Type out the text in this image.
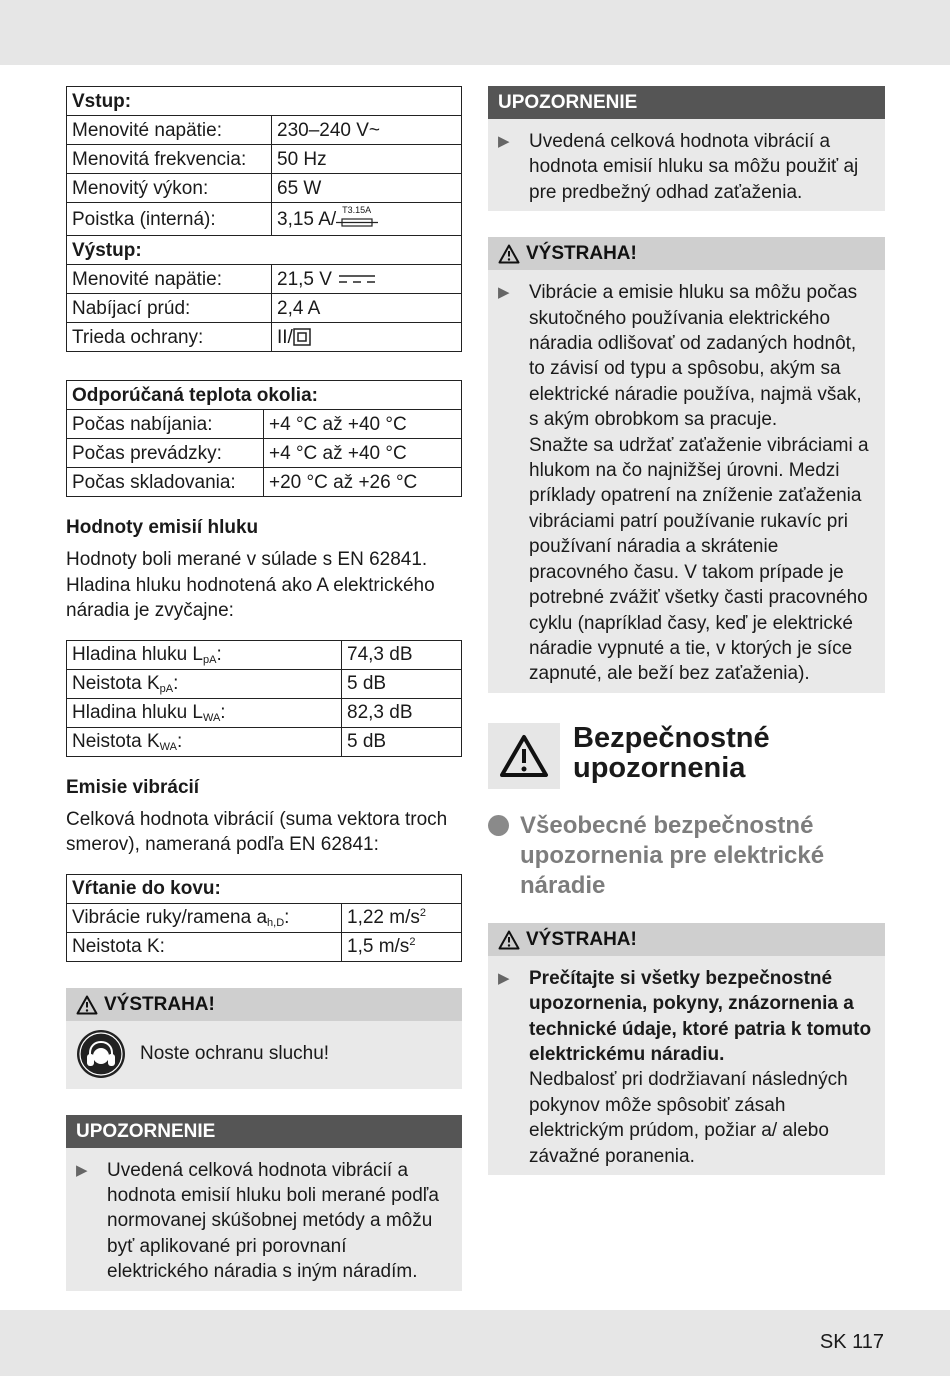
Vstup:	
Menovité napätie:	230–240 V~
Menovitá frekvencia:	50 Hz
Menovitý výkon:	65 W
Poistka (interná):	3,15 A/ T3.15A

Výstup:	
Menovité napätie:	21,5 V
Nabíjací prúd:	2,4 A
Trieda ochrany:	II/
Odporúčaná teplota okolia:	
Počas nabíjania:	+4 °C až +40 °C
Počas prevádzky:	+4 °C až +40 °C
Počas skladovania:	+20 °C až +26 °C
Hodnoty emisií hluku
Hodnoty boli merané v súlade s EN 62841. Hladina hluku hodnotená ako A elektrického náradia je zvyčajne:
Hladina hluku $L_{pA}$:	74,3 dB
Neistota $K_{pA}$:	5 dB
Hladina hluku $L_{WA}$:	82,3 dB
Neistota $K_{WA}$:	5 dB
Emisie vibrácií
Celková hodnota vibrácií (suma vektora troch smerov), nameraná podľa EN 62841:
Vŕtanie do kovu:	
Vibrácie ruky/ramena $a_{h,D}$:	1,22 $m/s^2$
Neistota K:	1,5 $m/s^2$
VÝSTRAHA!
Noste ochranu sluchu!
UPOZORNENIE
▶	Uvedená celková hodnota vibrácií a hodnota emisií hluku boli merané podľa normovanej skúšobnej metódy a môžu byť aplikované pri porovnaní elektrického náradia s iným náradím.
UPOZORNENIE
▶	Uvedená celková hodnota vibrácií a hodnota emisií hluku sa môžu použiť aj pre predbežný odhad zaťaženia.
VÝSTRAHA!
▶	Vibrácie a emisie hluku sa môžu počas skutočného používania elektrického náradia odlišovať od zadaných hodnôt, to závisí od typu a spôsobu, akým sa elektrické náradie používa, najmä však, s akým obrobkom sa pracuje.
Snažte sa udržať zaťaženie vibráciami a hlukom na čo najnižšej úrovni. Medzi príklady opatrení na zníženie zaťaženia vibráciami patrí používanie rukavíc pri používaní náradia a skrátenie pracovného času. V takom prípade je potrebné zvážiť všetky časti pracovného cyklu (napríklad časy, keď je elektrické náradie vypnuté a tie, v ktorých je síce zapnuté, ale beží bez zaťaženia).
Bezpečnostné
upozornenia
Všeobecné bezpečnostné upozornenia pre elektrické náradie
VÝSTRAHA!
▶	Prečítajte si všetky bezpečnostné upozornenia, pokyny, znázornenia a technické údaje, ktoré patria k tomuto elektrickému náradiu.
Nedbalosť pri dodržiavaní následných pokynov môže spôsobiť zásah elektrickým prúdom, požiar a/ alebo závažné poranenia.
SK 117
